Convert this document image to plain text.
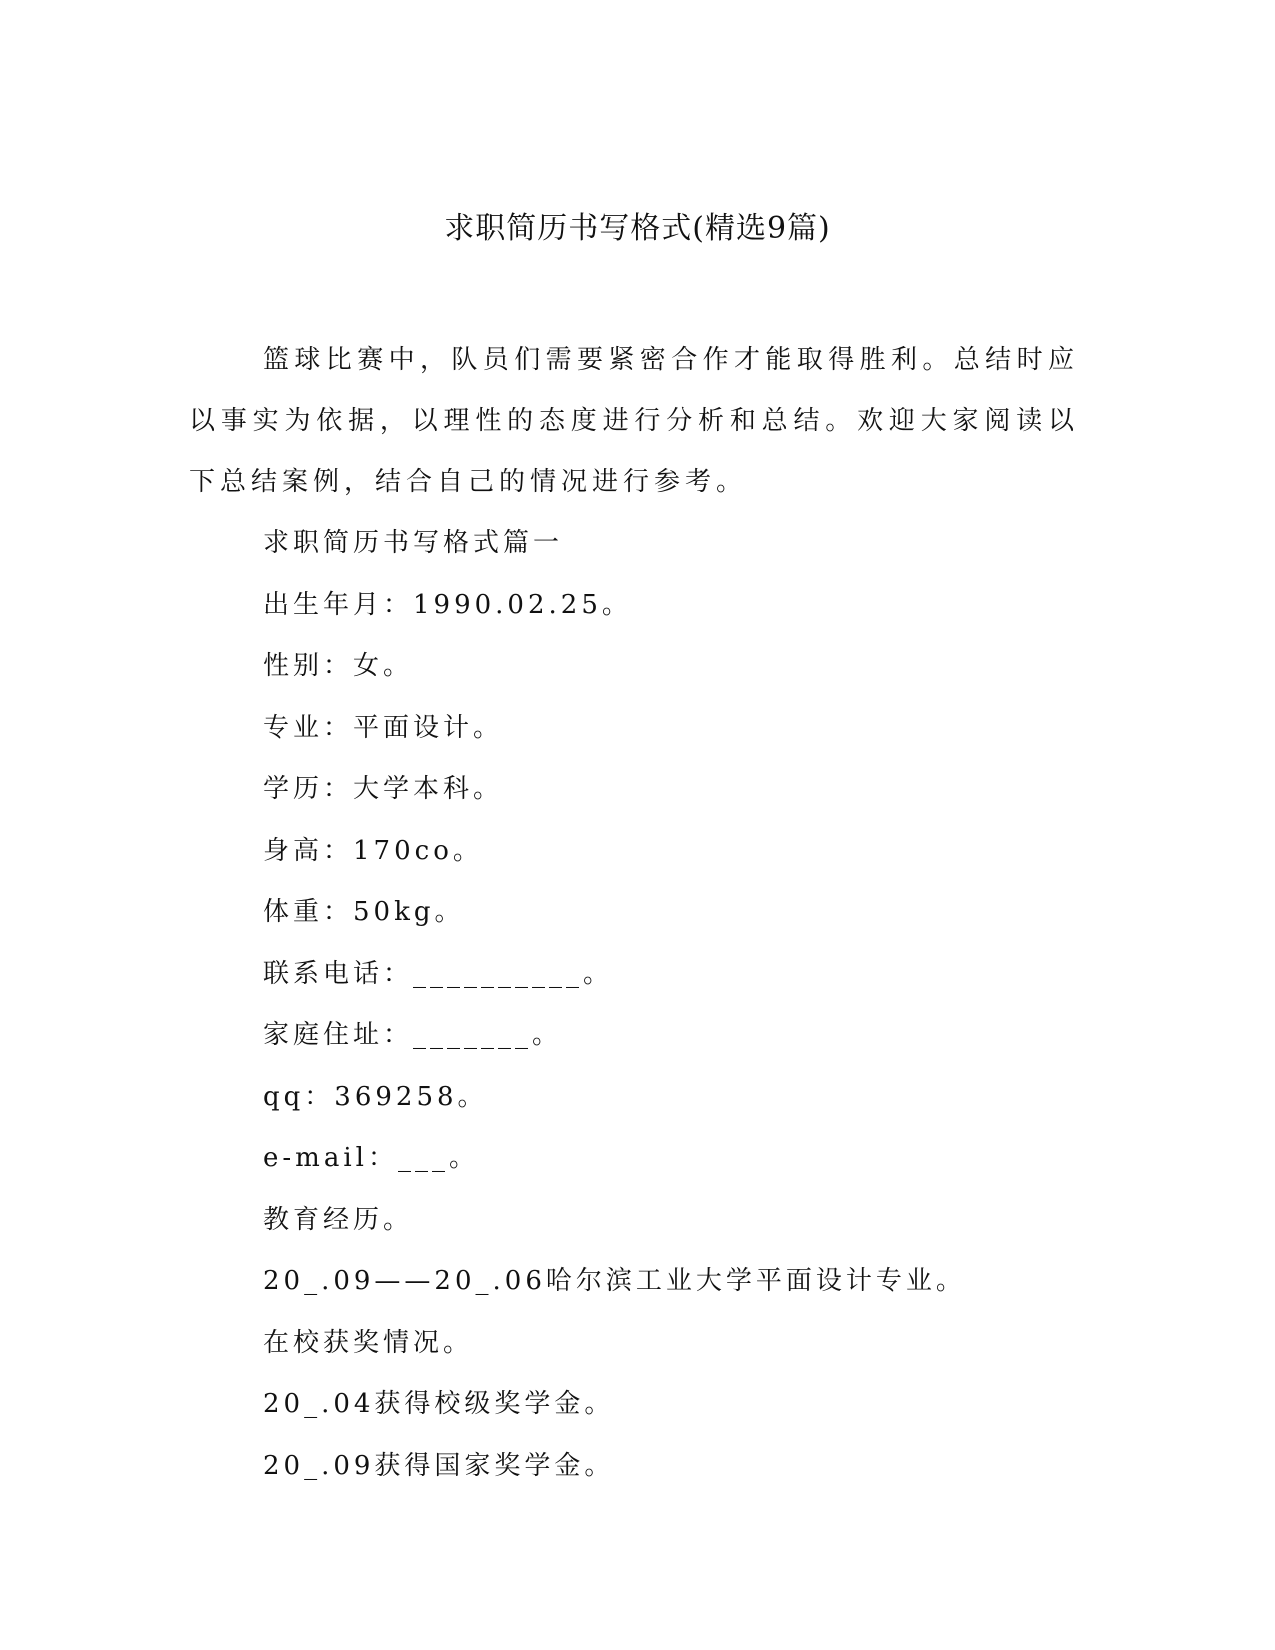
求职简历书写格式(精选9篇)

篮球比赛中，队员们需要紧密合作才能取得胜利。总结时应以事实为依据，以理性的态度进行分析和总结。欢迎大家阅读以下总结案例，结合自己的情况进行参考。

求职简历书写格式篇一
出生年月：1990.02.25。
性别：女。
专业：平面设计。
学历：大学本科。
身高：170co。
体重：50kg。
联系电话：__________。
家庭住址：_______。
qq：369258。
e-mail：___。
教育经历。
20_.09——20_.06哈尔滨工业大学平面设计专业。
在校获奖情况。
20_.04获得校级奖学金。
20_.09获得国家奖学金。
